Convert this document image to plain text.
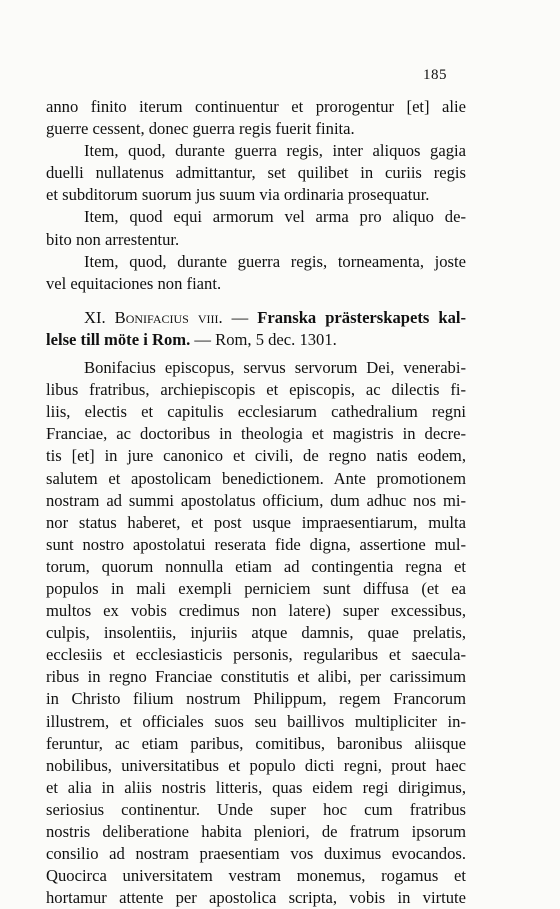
185
anno finito iterum continuentur et prorogentur [et] alie
guerre cessent, donec guerra regis fuerit finita.
Item, quod, durante guerra regis, inter aliquos gagia
duelli nullatenus admittantur, set quilibet in curiis regis
et subditorum suorum jus suum via ordinaria prosequatur.
Item, quod equi armorum vel arma pro aliquo de-
bito non arrestentur.
Item, quod, durante guerra regis, torneamenta, joste
vel equitaciones non fiant.
XI. Bonifacius viii. — Franska prästerskapets kal-
lelse till möte i Rom. — Rom, 5 dec. 1301.
Bonifacius episcopus, servus servorum Dei, venerabi-
libus fratribus, archiepiscopis et episcopis, ac dilectis fi-
liis, electis et capitulis ecclesiarum cathedralium regni
Franciae, ac doctoribus in theologia et magistris in decre-
tis [et] in jure canonico et civili, de regno natis eodem,
salutem et apostolicam benedictionem. Ante promotionem
nostram ad summi apostolatus officium, dum adhuc nos mi-
nor status haberet, et post usque impraesentiarum, multa
sunt nostro apostolatui reserata fide digna, assertione mul-
torum, quorum nonnulla etiam ad contingentia regna et
populos in mali exempli perniciem sunt diffusa (et ea
multos ex vobis credimus non latere) super excessibus,
culpis, insolentiis, injuriis atque damnis, quae prelatis,
ecclesiis et ecclesiasticis personis, regularibus et saecula-
ribus in regno Franciae constitutis et alibi, per carissimum
in Christo filium nostrum Philippum, regem Francorum
illustrem, et officiales suos seu baillivos multipliciter in-
feruntur, ac etiam paribus, comitibus, baronibus aliisque
nobilibus, universitatibus et populo dicti regni, prout haec
et alia in aliis nostris litteris, quas eidem regi dirigimus,
seriosius continentur. Unde super hoc cum fratribus
nostris deliberatione habita pleniori, de fratrum ipsorum
consilio ad nostram praesentiam vos duximus evocandos.
Quocirca universitatem vestram monemus, rogamus et
hortamur attente per apostolica scripta, vobis in virtute
